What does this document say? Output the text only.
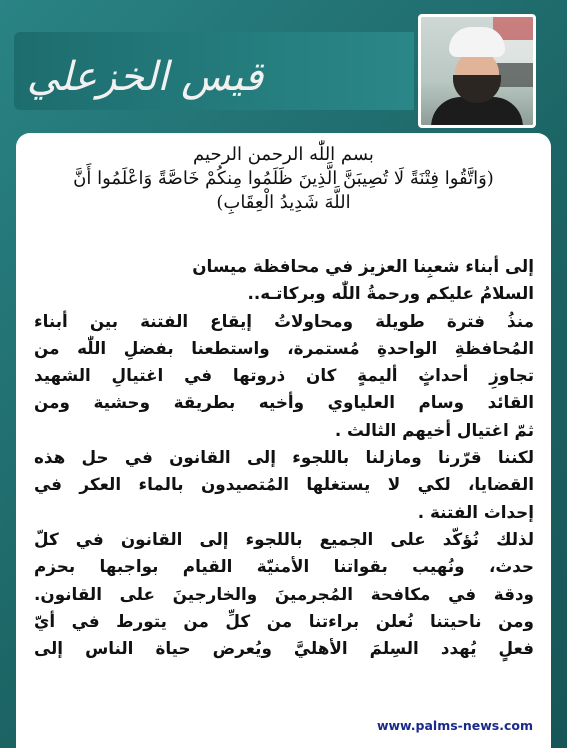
قيس الخزعلي
بسم اللّٰه الرحمن الرحيم
(وَاتَّقُوا فِتْنَةً لَا تُصِيبَنَّ الَّذِينَ ظَلَمُوا مِنكُمْ خَاصَّةً وَاعْلَمُوا أَنَّ
اللَّهَ شَدِيدُ الْعِقَابِ)
إلى أبناء شعبِنا العزيز في محافظة ميسان
السلامُ عليكم ورحمةُ اللّٰه وبركاتـه..
منذُ فترة طويلة ومحاولاتُ إيقاع الفتنة بين أبناء
المُحافظةِ الواحدةِ مُستمرة، واستطعنا بفضلِ اللّٰه من
تجاوزِ أحداثٍ أليمةٍ كان ذروتها في اغتيالِ الشهيد
القائد وسام العلياوي وأخيه بطريقة وحشية ومن
ثمّ اغتيال أخيهم الثالث .
لكننا قرّرنا ومازلنا باللجوء إلى القانون في حل هذه
القضايا، لكي لا يستغلها المُتصيدون بالماء العكر في
إحداث الفتنة .
لذلك نُؤكّد على الجميع باللجوء إلى القانون في كلّ
حدث، ونُهيب بقواتنا الأمنيّة القيام بواجبها بحزم
ودقة في مكافحة المُجرمينَ والخارجينَ على القانون.
ومن ناحيتنا نُعلن براءتنا من كلِّ من يتورط في أيّ
فعلٍ يُهدد السِلمَ الأهليَّ ويُعرض حياة الناس إلى
www.palms-news.com
